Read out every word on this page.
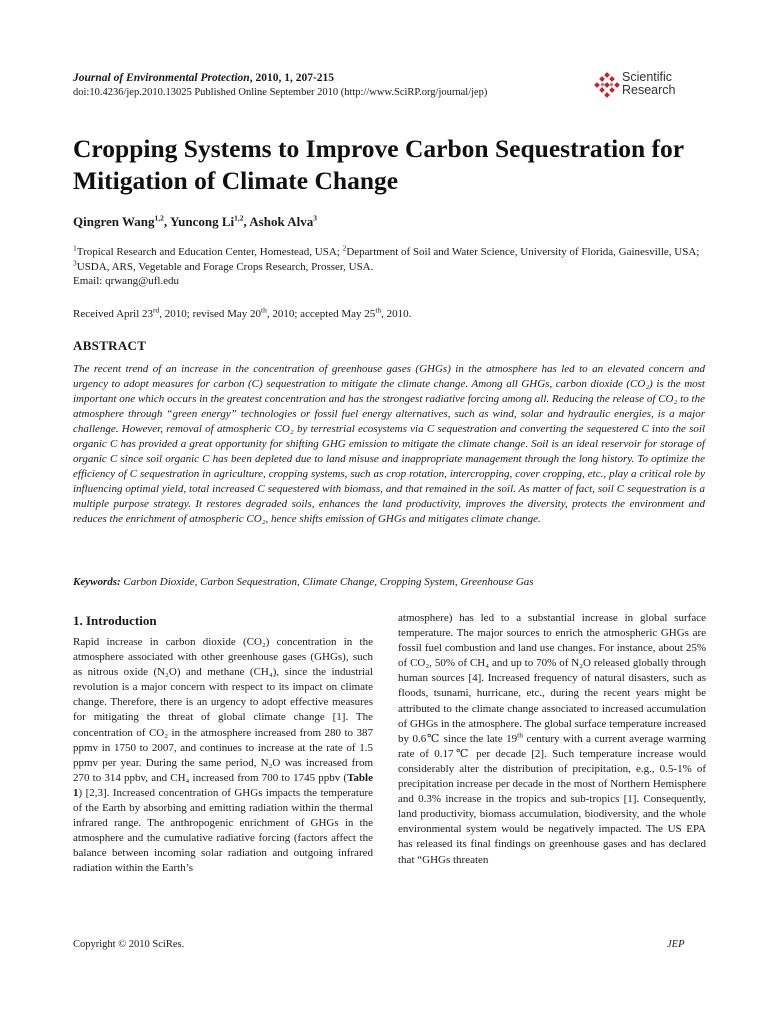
Journal of Environmental Protection, 2010, 1, 207-215
doi:10.4236/jep.2010.13025 Published Online September 2010 (http://www.SciRP.org/journal/jep)
Scientific
Research
Cropping Systems to Improve Carbon Sequestration for Mitigation of Climate Change
Qingren Wang$^{1,2}$, Yuncong Li$^{1,2}$, Ashok Alva$^3$
$^1$Tropical Research and Education Center, Homestead, USA; $^2$Department of Soil and Water Science, University of Florida, Gainesville, USA; $^3$USDA, ARS, Vegetable and Forage Crops Research, Prosser, USA.
Email: qrwang@ufl.edu
Received April 23rd, 2010; revised May 20th, 2010; accepted May 25th, 2010.
ABSTRACT

The recent trend of an increase in the concentration of greenhouse gases (GHGs) in the atmosphere has led to an elevated concern and urgency to adopt measures for carbon (C) sequestration to mitigate the climate change. Among all GHGs, carbon dioxide (CO₂) is the most important one which occurs in the greatest concentration and has the strongest radiative forcing among all. Reducing the release of CO₂ to the atmosphere through “green energy” technologies or fossil fuel energy alternatives, such as wind, solar and hydraulic energies, is a major challenge. However, removal of atmospheric CO₂ by terrestrial ecosystems via C sequestration and converting the sequestered C into the soil organic C has provided a great opportunity for shifting GHG emission to mitigate the climate change. Soil is an ideal reservoir for storage of organic C since soil organic C has been depleted due to land misuse and inappropriate management through the long history. To optimize the efficiency of C sequestration in agriculture, cropping systems, such as crop rotation, intercropping, cover cropping, etc., play a critical role by influencing optimal yield, total increased C sequestered with biomass, and that remained in the soil. As matter of fact, soil C sequestration is a multiple purpose strategy. It restores degraded soils, enhances the land productivity, improves the diversity, protects the environment and reduces the enrichment of atmospheric CO₂, hence shifts emission of GHGs and mitigates climate change.

Keywords: Carbon Dioxide, Carbon Sequestration, Climate Change, Cropping System, Greenhouse Gas
1. Introduction

Rapid increase in carbon dioxide (CO₂) concentration in the atmosphere associated with other greenhouse gases (GHGs), such as nitrous oxide (N₂O) and methane (CH₄), since the industrial revolution is a major concern with respect to its impact on climate change. Therefore, there is an urgency to adopt effective measures for mitigating the threat of global climate change [1]. The concentration of CO₂ in the atmosphere increased from 280 to 387 ppmv in 1750 to 2007, and continues to increase at the rate of 1.5 ppmv per year. During the same period, N₂O was increased from 270 to 314 ppbv, and CH₄ increased from 700 to 1745 ppbv (Table 1) [2,3]. Increased concentration of GHGs impacts the temperature of the Earth by absorbing and emitting radiation within the thermal infrared range. The anthropogenic enrichment of GHGs in the atmosphere and the cumulative radiative forcing (factors affect the balance between incoming solar radiation and outgoing infrared radiation within the Earth’s

atmosphere) has led to a substantial increase in global surface temperature. The major sources to enrich the atmospheric GHGs are fossil fuel combustion and land use changes. For instance, about 25% of CO₂, 50% of CH₄ and up to 70% of N₂O released globally through human sources [4]. Increased frequency of natural disasters, such as floods, tsunami, hurricane, etc., during the recent years might be attributed to the climate change associated to increased accumulation of GHGs in the atmosphere. The global surface temperature increased by 0.6℃ since the late 19th century with a current average warming rate of 0.17℃ per decade [2]. Such temperature increase would considerably alter the distribution of precipitation, e.g., 0.5-1% of precipitation increase per decade in the most of Northern Hemisphere and 0.3% increase in the tropics and sub-tropics [1]. Consequently, land productivity, biomass accumulation, biodiversity, and the whole environmental system would be negatively impacted. The US EPA has released its final findings on greenhouse gases and has declared that “GHGs threaten

Copyright © 2010 SciRes.	JEP
